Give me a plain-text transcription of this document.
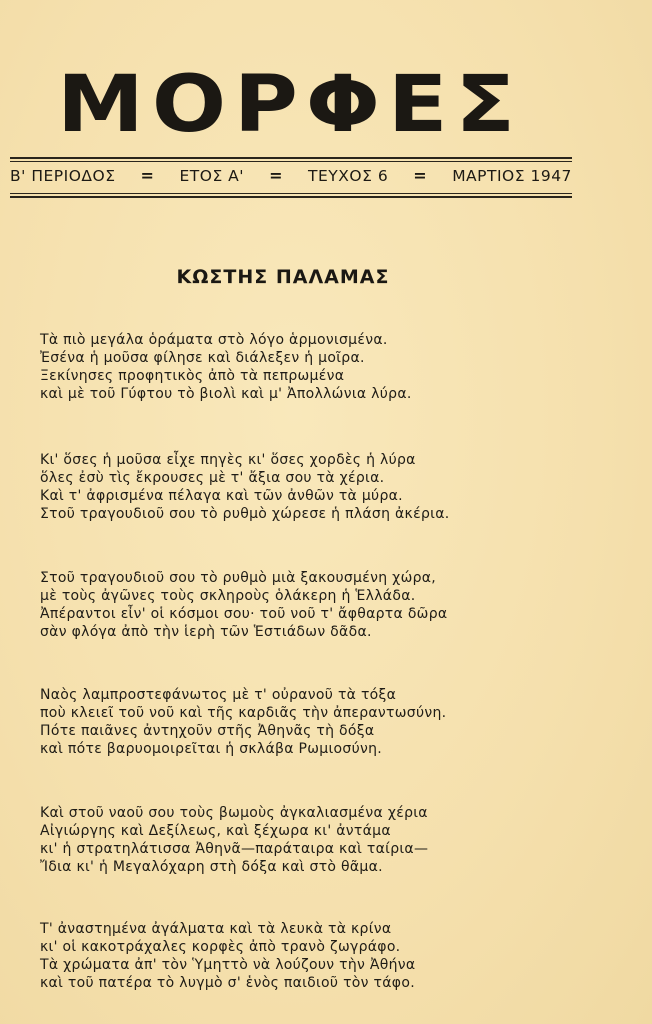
ΜΟΡΦΕΣ
Β' ΠΕΡΙΟΔΟΣ = ΕΤΟΣ Α' = ΤΕΥΧΟΣ 6 = ΜΑΡΤΙΟΣ 1947
ΚΩΣΤΗΣ ΠΑΛΑΜΑΣ
Τὰ πιὸ μεγάλα ὁράματα στὸ λόγο ἁρμονισμένα.
Ἐσένα ἡ μοῦσα φίλησε καὶ διάλεξεν ἡ μοῖρα.
Ξεκίνησες προφητικὸς ἀπὸ τὰ πεπρωμένα
καὶ μὲ τοῦ Γύφτου τὸ βιολὶ καὶ μ' Ἀπολλώνια λύρα.
Κι' ὅσες ἡ μοῦσα εἶχε πηγὲς κι' ὅσες χορδὲς ἡ λύρα
ὅλες ἐσὺ τὶς ἔκρουσες μὲ τ' ἄξια σου τὰ χέρια.
Καὶ τ' ἀφρισμένα πέλαγα καὶ τῶν ἀνθῶν τὰ μύρα.
Στοῦ τραγουδιοῦ σου τὸ ρυθμὸ χώρεσε ἡ πλάση ἀκέρια.
Στοῦ τραγουδιοῦ σου τὸ ρυθμὸ μιὰ ξακουσμένη χώρα,
μὲ τοὺς ἀγῶνες τοὺς σκληροὺς ὁλάκερη ἡ Ἑλλάδα.
Ἀπέραντοι εἶν' οἱ κόσμοι σου· τοῦ νοῦ τ' ἄφθαρτα δῶρα
σὰν φλόγα ἀπὸ τὴν ἱερὴ τῶν Ἑστιάδων δᾶδα.
Ναὸς λαμπροστεφάνωτος μὲ τ' οὐρανοῦ τὰ τόξα
ποὺ κλειεῖ τοῦ νοῦ καὶ τῆς καρδιᾶς τὴν ἀπεραντωσύνη.
Πότε παιᾶνες ἀντηχοῦν στῆς Ἀθηνᾶς τὴ δόξα
καὶ πότε βαρυομοιρεῖται ἡ σκλάβα Ρωμιοσύνη.
Καὶ στοῦ ναοῦ σου τοὺς βωμοὺς ἀγκαλιασμένα χέρια
Αἰγιώργης καὶ Δεξίλεως, καὶ ξέχωρα κι' ἀντάμα
κι' ἡ στρατηλάτισσα Ἀθηνᾶ—παράταιρα καὶ ταίρια—
Ἴδια κι' ἡ Μεγαλόχαρη στὴ δόξα καὶ στὸ θᾶμα.
Τ' ἀναστημένα ἀγάλματα καὶ τὰ λευκὰ τὰ κρίνα
κι' οἱ κακοτράχαλες κορφὲς ἀπὸ τρανὸ ζωγράφο.
Τὰ χρώματα ἀπ' τὸν Ὑμηττὸ νὰ λούζουν τὴν Ἀθήνα
καὶ τοῦ πατέρα τὸ λυγμὸ σ' ἑνὸς παιδιοῦ τὸν τάφο.
